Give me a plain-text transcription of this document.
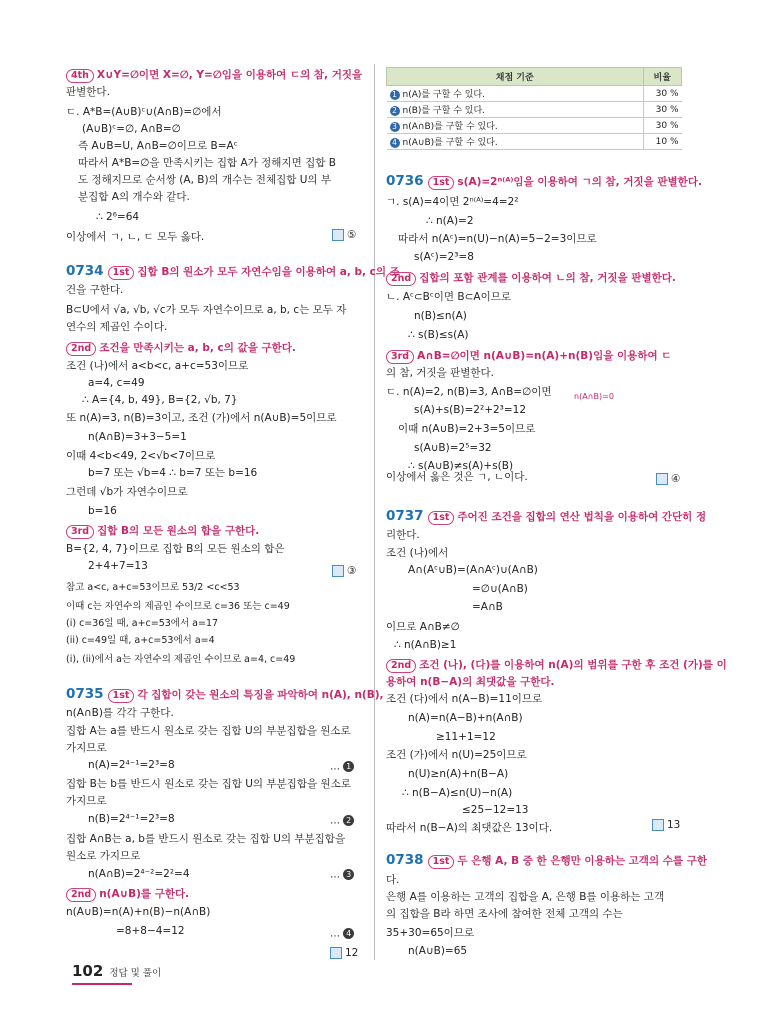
4th X∪Y=∅이면 X=∅, Y=∅임을 이용하여 ㄷ의 참, 거짓을
판별한다.
ㄷ. A*B=(A∪B)ᶜ∪(A∩B)=∅에서
(A∪B)ᶜ=∅, A∩B=∅
즉 A∪B=U, A∩B=∅이므로 B=Aᶜ
따라서 A*B=∅을 만족시키는 집합 A가 정해지면 집합 B
도 정해지므로 순서쌍 (A, B)의 개수는 전체집합 U의 부
분집합 A의 개수와 같다.
∴ 2⁶=64
이상에서 ㄱ, ㄴ, ㄷ 모두 옳다.
0734 1st 집합 B의 원소가 모두 자연수임을 이용하여 a, b, c의 조
건을 구한다.
B⊂U에서 √a, √b, √c가 모두 자연수이므로 a, b, c는 모두 자
연수의 제곱인 수이다.
2nd 조건을 만족시키는 a, b, c의 값을 구한다.
조건 (나)에서 a<b<c, a+c=53이므로
a=4, c=49
∴ A={4, b, 49}, B={2, √b, 7}
또 n(A)=3, n(B)=3이고, 조건 (가)에서 n(A∪B)=5이므로
n(A∩B)=3+3−5=1
이때 4<b<49, 2<√b<7이므로
b=7 또는 √b=4 ∴ b=7 또는 b=16
그런데 √b가 자연수이므로
b=16
3rd 집합 B의 모든 원소의 합을 구한다.
B={2, 4, 7}이므로 집합 B의 모든 원소의 합은
2+4+7=13
참고 a<c, a+c=53이므로 53/2 <c<53
이때 c는 자연수의 제곱인 수이므로 c=36 또는 c=49
(i) c=36일 때, a+c=53에서 a=17
(ii) c=49일 때, a+c=53에서 a=4
(i), (ii)에서 a는 자연수의 제곱인 수이므로 a=4, c=49
0735 1st 각 집합이 갖는 원소의 특징을 파악하여 n(A), n(B),
n(A∩B)를 각각 구한다.
집합 A는 a를 반드시 원소로 갖는 집합 U의 부분집합을 원소로
가지므로
n(A)=2⁴⁻¹=2³=8
집합 B는 b를 반드시 원소로 갖는 집합 U의 부분집합을 원소로
가지므로
n(B)=2⁴⁻¹=2³=8
집합 A∩B는 a, b를 반드시 원소로 갖는 집합 U의 부분집합을
원소로 가지므로
n(A∩B)=2⁴⁻²=2²=4
2nd n(A∪B)를 구한다.
n(A∪B)=n(A)+n(B)−n(A∩B)
=8+8−4=12
0736 1st s(A)=2ⁿ⁽ᴬ⁾임을 이용하여 ㄱ의 참, 거짓을 판별한다.
ㄱ. s(A)=4이면 2ⁿ⁽ᴬ⁾=4=2²
∴ n(A)=2
따라서 n(Aᶜ)=n(U)−n(A)=5−2=3이므로
s(Aᶜ)=2³=8
2nd 집합의 포함 관계를 이용하여 ㄴ의 참, 거짓을 판별한다.
ㄴ. Aᶜ⊂Bᶜ이면 B⊂A이므로
n(B)≤n(A)
∴ s(B)≤s(A)
3rd A∩B=∅이면 n(A∪B)=n(A)+n(B)임을 이용하여 ㄷ
의 참, 거짓을 판별한다.
ㄷ. n(A)=2, n(B)=3, A∩B=∅이면
s(A)+s(B)=2²+2³=12
이때 n(A∪B)=2+3=5이므로
s(A∪B)=2⁵=32
∴ s(A∪B)≠s(A)+s(B)
이상에서 옳은 것은 ㄱ, ㄴ이다.
0737 1st 주어진 조건을 집합의 연산 법칙을 이용하여 간단히 정
리한다.
조건 (나)에서
A∩(Aᶜ∪B)=(A∩Aᶜ)∪(A∩B)
=∅∪(A∩B)
=A∩B
이므로 A∩B≠∅
∴ n(A∩B)≥1
2nd 조건 (나), (다)를 이용하여 n(A)의 범위를 구한 후 조건 (가)를 이
용하여 n(B−A)의 최댓값을 구한다.
조건 (다)에서 n(A−B)=11이므로
n(A)=n(A−B)+n(A∩B)
≥11+1=12
조건 (가)에서 n(U)=25이므로
n(U)≥n(A)+n(B−A)
∴ n(B−A)≤n(U)−n(A)
≤25−12=13
따라서 n(B−A)의 최댓값은 13이다.
0738 1st 두 은행 A, B 중 한 은행만 이용하는 고객의 수를 구한
다.
은행 A를 이용하는 고객의 집합을 A, 은행 B를 이용하는 고객
의 집합을 B라 하면 조사에 참여한 전체 고객의 수는
35+30=65이므로
n(A∪B)=65
채점 기준	비율
1 n(A)를 구할 수 있다.	30 %
2 n(B)를 구할 수 있다.	30 %
3 n(A∩B)를 구할 수 있다.	30 %
4 n(A∪B)를 구할 수 있다.	10 %
⑤
③
12
④
13
… 1
… 2
… 3
… 4
n(A∩B)=0
102 정답 및 풀이
